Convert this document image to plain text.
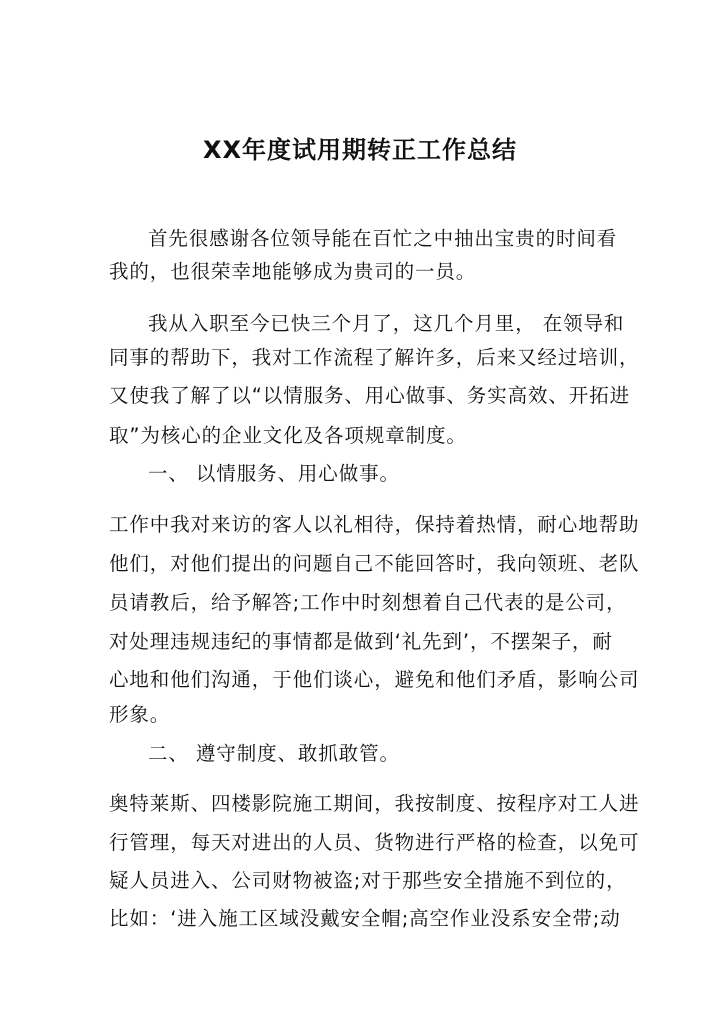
XX年度试用期转正工作总结
首先很感谢各位领导能在百忙之中抽出宝贵的时间看
我的，也很荣幸地能够成为贵司的一员。
我从入职至今已快三个月了，这几个月里， 在领导和
同事的帮助下，我对工作流程了解许多，后来又经过培训，
又使我了解了以“以情服务、用心做事、务实高效、开拓进
取”为核心的企业文化及各项规章制度。
一、 以情服务、用心做事。
工作中我对来访的客人以礼相待，保持着热情，耐心地帮助
他们，对他们提出的问题自己不能回答时，我向领班、老队
员请教后，给予解答;工作中时刻想着自己代表的是公司，
对处理违规违纪的事情都是做到‘礼先到’，不摆架子，耐
心地和他们沟通，于他们谈心，避免和他们矛盾，影响公司
形象。
二、 遵守制度、敢抓敢管。
奥特莱斯、四楼影院施工期间，我按制度、按程序对工人进
行管理，每天对进出的人员、货物进行严格的检查，以免可
疑人员进入、公司财物被盗;对于那些安全措施不到位的，
比如：‘进入施工区域没戴安全帽;高空作业没系安全带;动
